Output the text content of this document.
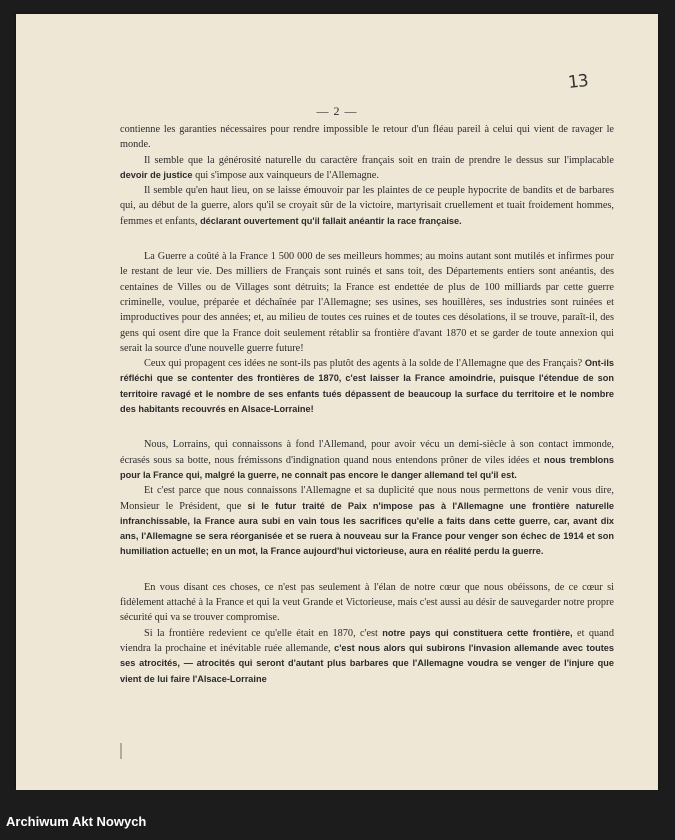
13
— 2 —

contienne les garanties nécessaires pour rendre impossible le retour d'un fléau pareil à celui qui vient de ravager le monde.

Il semble que la générosité naturelle du caractère français soit en train de prendre le dessus sur l'implacable devoir de justice qui s'impose aux vainqueurs de l'Allemagne.

Il semble qu'en haut lieu, on se laisse émouvoir par les plaintes de ce peuple hypocrite de bandits et de barbares qui, au début de la guerre, alors qu'il se croyait sûr de la victoire, martyrisait cruellement et tuait froidement hommes, femmes et enfants, déclarant ouvertement qu'il fallait anéantir la race française.

La Guerre a coûté à la France 1 500 000 de ses meilleurs hommes; au moins autant sont mutilés et infirmes pour le restant de leur vie. Des milliers de Français sont ruinés et sans toit, des Départements entiers sont anéantis, des centaines de Villes ou de Villages sont détruits; la France est endettée de plus de 100 milliards par cette guerre criminelle, voulue, préparée et déchaînée par l'Allemagne; ses usines, ses houillères, ses industries sont ruinées et improductives pour des années; et, au milieu de toutes ces ruines et de toutes ces désolations, il se trouve, paraît-il, des gens qui osent dire que la France doit seulement rétablir sa frontière d'avant 1870 et se garder de toute annexion qui serait la source d'une nouvelle guerre future!

Ceux qui propagent ces idées ne sont-ils pas plutôt des agents à la solde de l'Allemagne que des Français? Ont-ils réfléchi que se contenter des frontières de 1870, c'est laisser la France amoindrie, puisque l'étendue de son territoire ravagé et le nombre de ses enfants tués dépassent de beaucoup la surface du territoire et le nombre des habitants recouvrés en Alsace-Lorraine!

Nous, Lorrains, qui connaissons à fond l'Allemand, pour avoir vécu un demi-siècle à son contact immonde, écrasés sous sa botte, nous frémissons d'indignation quand nous entendons prôner de viles idées et nous tremblons pour la France qui, malgré la guerre, ne connaît pas encore le danger allemand tel qu'il est.

Et c'est parce que nous connaissons l'Allemagne et sa duplicité que nous nous permettons de venir vous dire, Monsieur le Président, que si le futur traité de Paix n'impose pas à l'Allemagne une frontière naturelle infranchissable, la France aura subi en vain tous les sacrifices qu'elle a faits dans cette guerre, car, avant dix ans, l'Allemagne se sera réorganisée et se ruera à nouveau sur la France pour venger son échec de 1914 et son humiliation actuelle; en un mot, la France aujourd'hui victorieuse, aura en réalité perdu la guerre.

En vous disant ces choses, ce n'est pas seulement à l'élan de notre cœur que nous obéissons, de ce cœur si fidèlement attaché à la France et qui la veut Grande et Victorieuse, mais c'est aussi au désir de sauvegarder notre propre sécurité qui va se trouver compromise.

Si la frontière redevient ce qu'elle était en 1870, c'est notre pays qui constituera cette frontière, et quand viendra la prochaine et inévitable ruée allemande, c'est nous alors qui subirons l'invasion allemande avec toutes ses atrocités, — atrocités qui seront d'autant plus barbares que l'Allemagne voudra se venger de l'injure que vient de lui faire l'Alsace-Lorraine

Archiwum Akt Nowych
